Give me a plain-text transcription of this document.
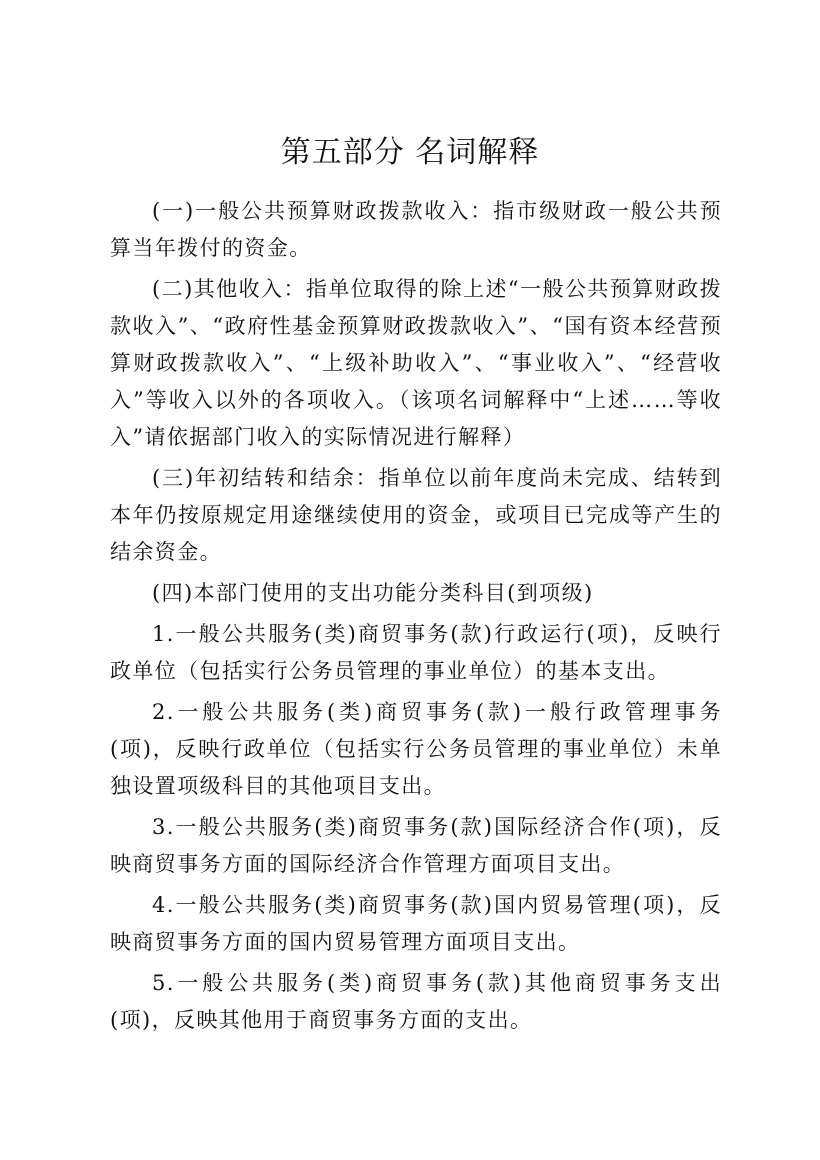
第五部分 名词解释

(一)一般公共预算财政拨款收入：指市级财政一般公共预算当年拨付的资金。

(二)其他收入：指单位取得的除上述“一般公共预算财政拨款收入”、“政府性基金预算财政拨款收入”、“国有资本经营预算财政拨款收入”、“上级补助收入”、“事业收入”、“经营收入”等收入以外的各项收入。（该项名词解释中“上述……等收入”请依据部门收入的实际情况进行解释）

(三)年初结转和结余：指单位以前年度尚未完成、结转到本年仍按原规定用途继续使用的资金，或项目已完成等产生的结余资金。

(四)本部门使用的支出功能分类科目(到项级)

1.一般公共服务(类)商贸事务(款)行政运行(项)，反映行政单位（包括实行公务员管理的事业单位）的基本支出。

2.一般公共服务(类)商贸事务(款)一般行政管理事务(项)，反映行政单位（包括实行公务员管理的事业单位）未单独设置项级科目的其他项目支出。

3.一般公共服务(类)商贸事务(款)国际经济合作(项)，反映商贸事务方面的国际经济合作管理方面项目支出。

4.一般公共服务(类)商贸事务(款)国内贸易管理(项)，反映商贸事务方面的国内贸易管理方面项目支出。

5.一般公共服务(类)商贸事务(款)其他商贸事务支出(项)，反映其他用于商贸事务方面的支出。
